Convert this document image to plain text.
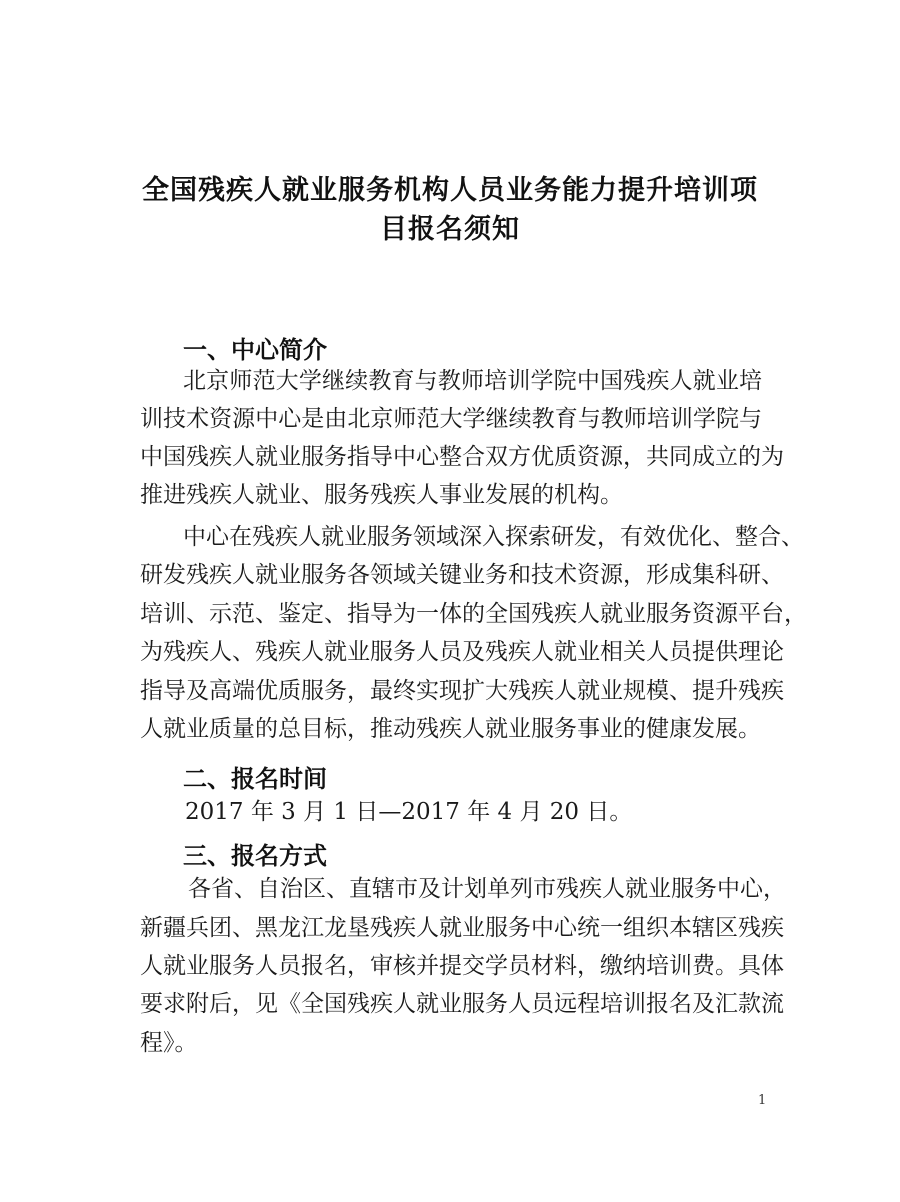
全国残疾人就业服务机构人员业务能力提升培训项
目报名须知
一、中心简介
北京师范大学继续教育与教师培训学院中国残疾人就业培
训技术资源中心是由北京师范大学继续教育与教师培训学院与
中国残疾人就业服务指导中心整合双方优质资源，共同成立的为
推进残疾人就业、服务残疾人事业发展的机构。
中心在残疾人就业服务领域深入探索研发，有效优化、整合、
研发残疾人就业服务各领域关键业务和技术资源，形成集科研、
培训、示范、鉴定、指导为一体的全国残疾人就业服务资源平台，
为残疾人、残疾人就业服务人员及残疾人就业相关人员提供理论
指导及高端优质服务，最终实现扩大残疾人就业规模、提升残疾
人就业质量的总目标，推动残疾人就业服务事业的健康发展。
二、报名时间
2017 年 3 月 1 日—2017 年 4 月 20 日。
三、报名方式
各省、自治区、直辖市及计划单列市残疾人就业服务中心，
新疆兵团、黑龙江龙垦残疾人就业服务中心统一组织本辖区残疾
人就业服务人员报名，审核并提交学员材料，缴纳培训费。具体
要求附后，见《全国残疾人就业服务人员远程培训报名及汇款流
程》。
1
